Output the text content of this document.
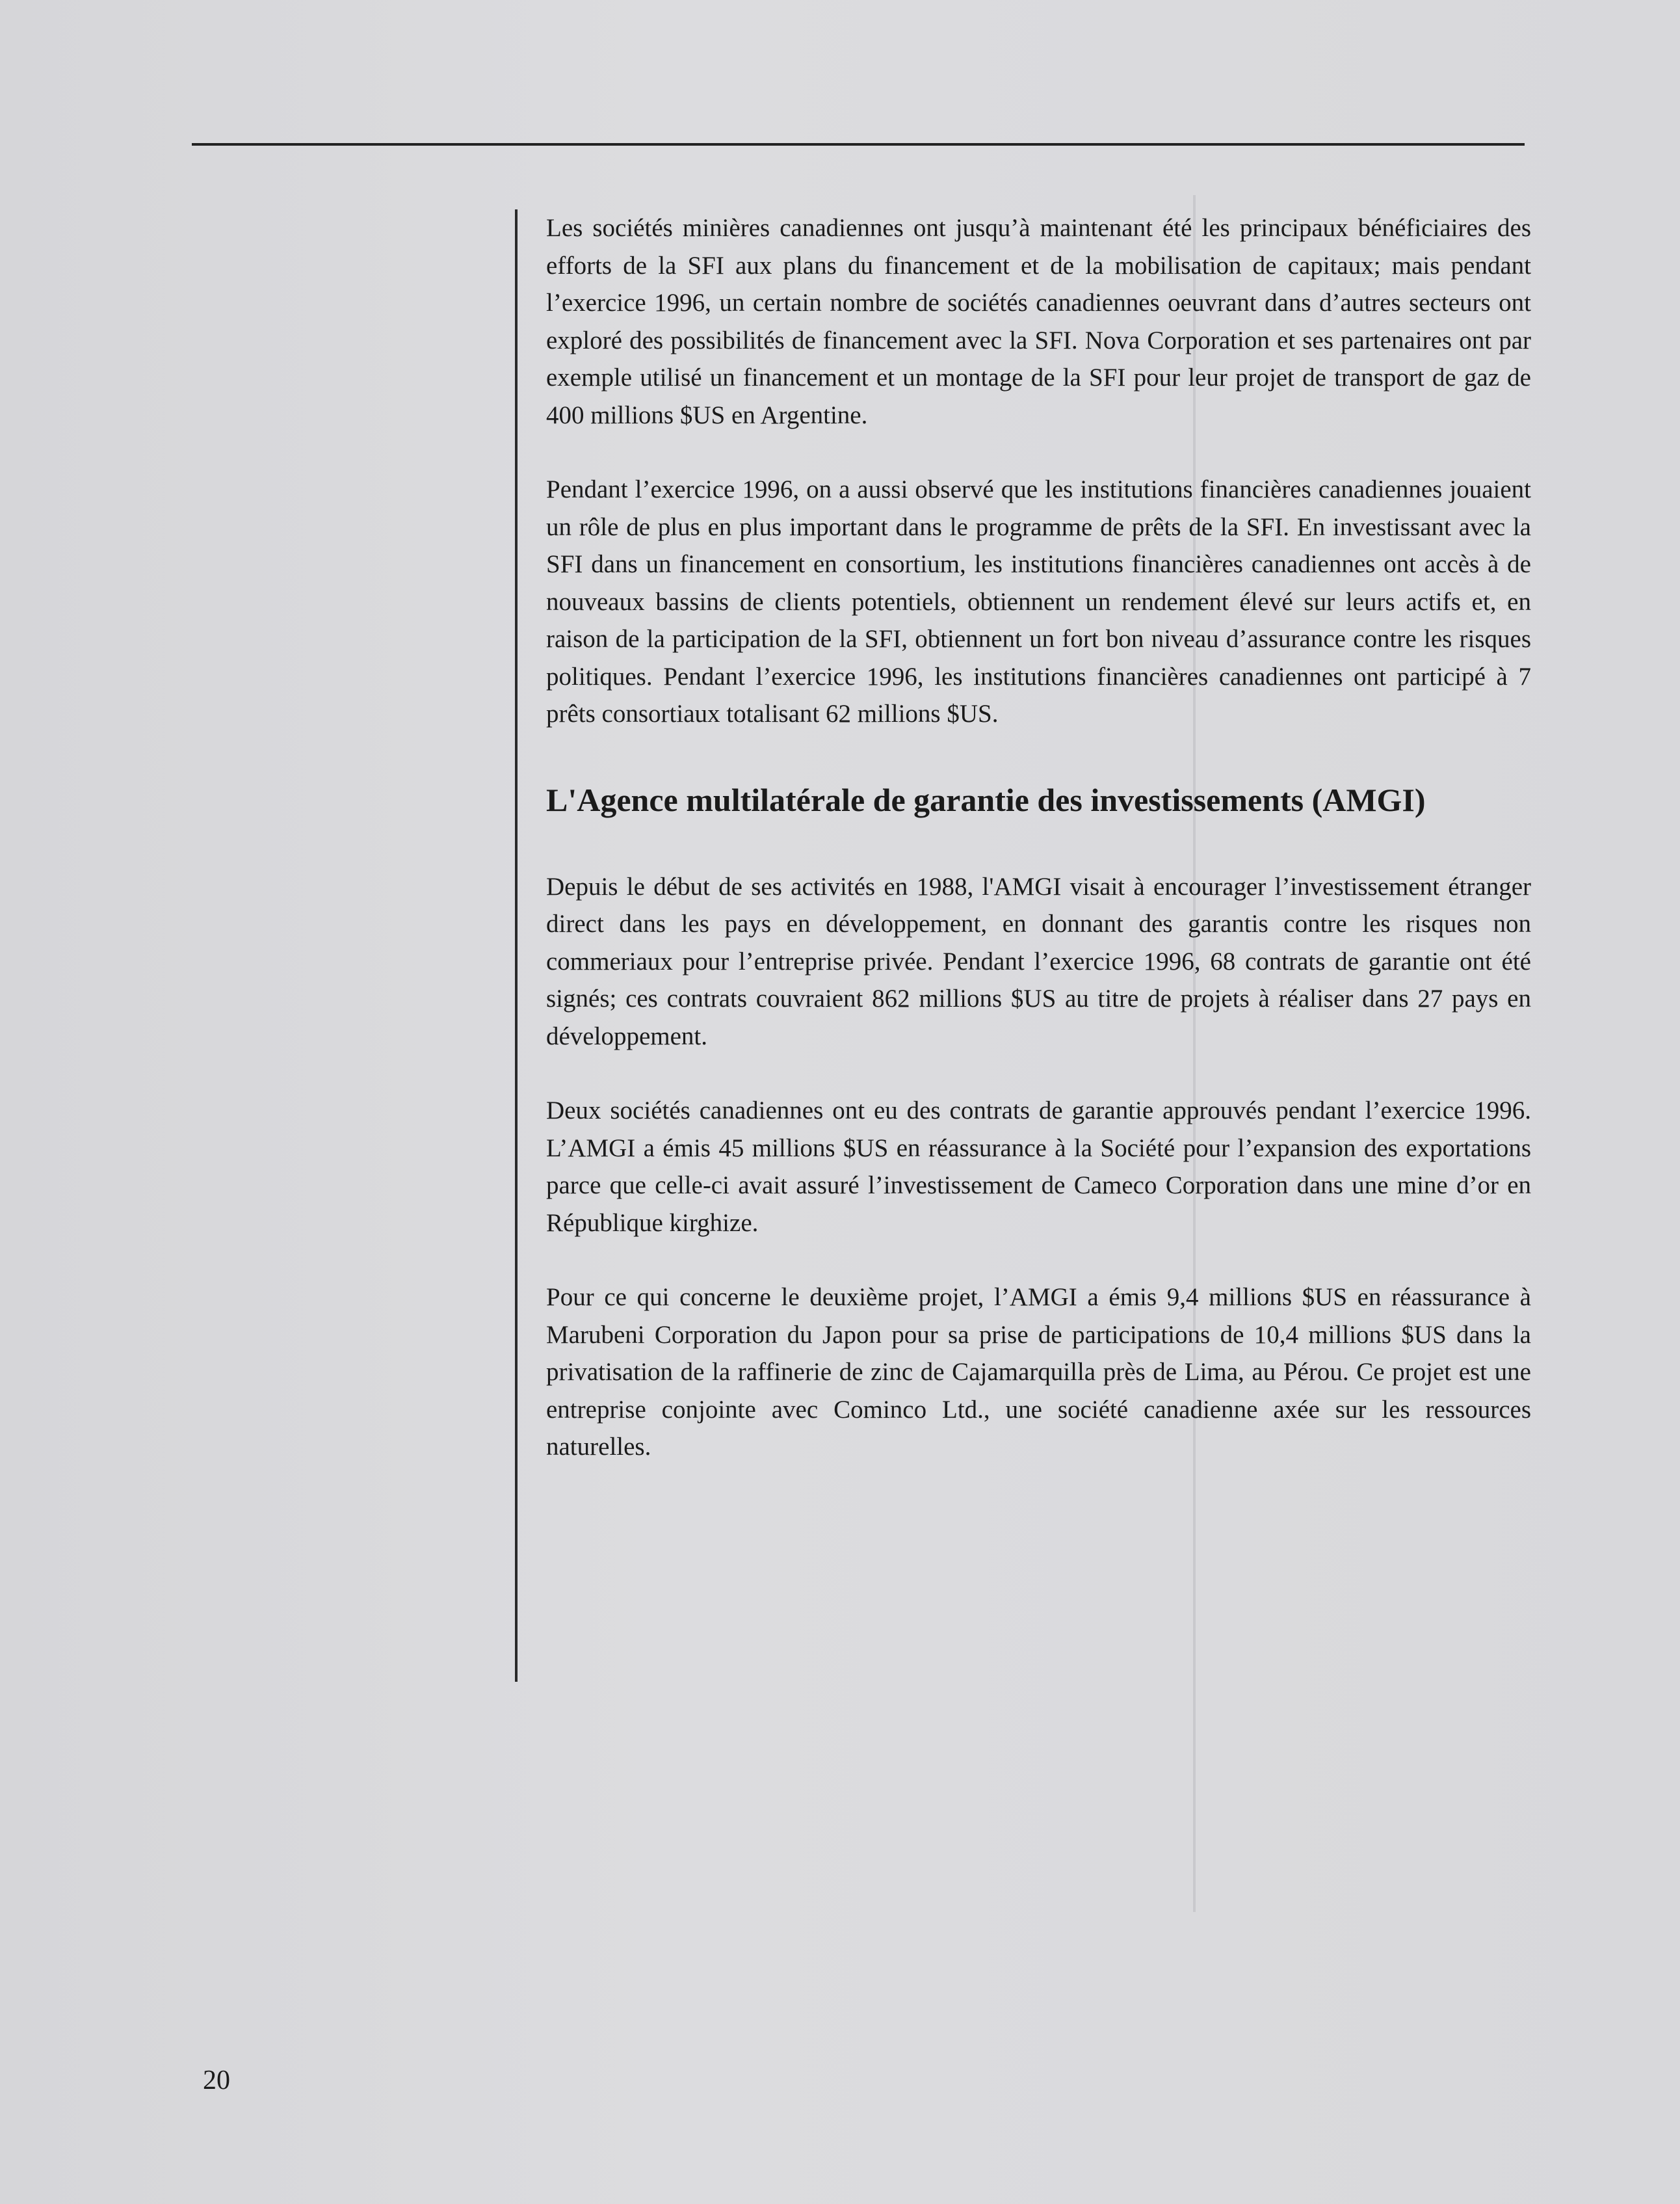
Les sociétés minières canadiennes ont jusqu’à maintenant été les principaux bénéficiaires des efforts de la SFI aux plans du financement et de la mobilisation de capitaux; mais pendant l’exercice 1996, un certain nombre de sociétés canadiennes oeuvrant dans d’autres secteurs ont exploré des possibilités de financement avec la SFI. Nova Corporation et ses partenaires ont par exemple utilisé un financement et un montage de la SFI pour leur projet de transport de gaz de 400 millions $US en Argentine.

Pendant l’exercice 1996, on a aussi observé que les institutions financières canadiennes jouaient un rôle de plus en plus important dans le programme de prêts de la SFI. En investissant avec la SFI dans un financement en consortium, les institutions financières canadiennes ont accès à de nouveaux bassins de clients potentiels, obtiennent un rendement élevé sur leurs actifs et, en raison de la participation de la SFI, obtiennent un fort bon niveau d’assurance contre les risques politiques. Pendant l’exercice 1996, les institutions financières canadiennes ont participé à 7 prêts consortiaux totalisant 62 millions $US.

L'Agence multilatérale de garantie des investissements (AMGI)

Depuis le début de ses activités en 1988, l'AMGI visait à encourager l’investissement étranger direct dans les pays en développement, en donnant des garantis contre les risques non commeriaux pour l’entreprise privée. Pendant l’exercice 1996, 68 contrats de garantie ont été signés; ces contrats couvraient 862 millions $US au titre de projets à réaliser dans 27 pays en développement.

Deux sociétés canadiennes ont eu des contrats de garantie approuvés pendant l’exercice 1996. L’AMGI a émis 45 millions $US en réassurance à la Société pour l’expansion des exportations parce que celle-ci avait assuré l’investissement de Cameco Corporation dans une mine d’or en République kirghize.

Pour ce qui concerne le deuxième projet, l’AMGI a émis 9,4 millions $US en réassurance à Marubeni Corporation du Japon pour sa prise de participations de 10,4 millions $US dans la privatisation de la raffinerie de zinc de Cajamarquilla près de Lima, au Pérou. Ce projet est une entreprise conjointe avec Cominco Ltd., une société canadienne axée sur les ressources naturelles.

20
